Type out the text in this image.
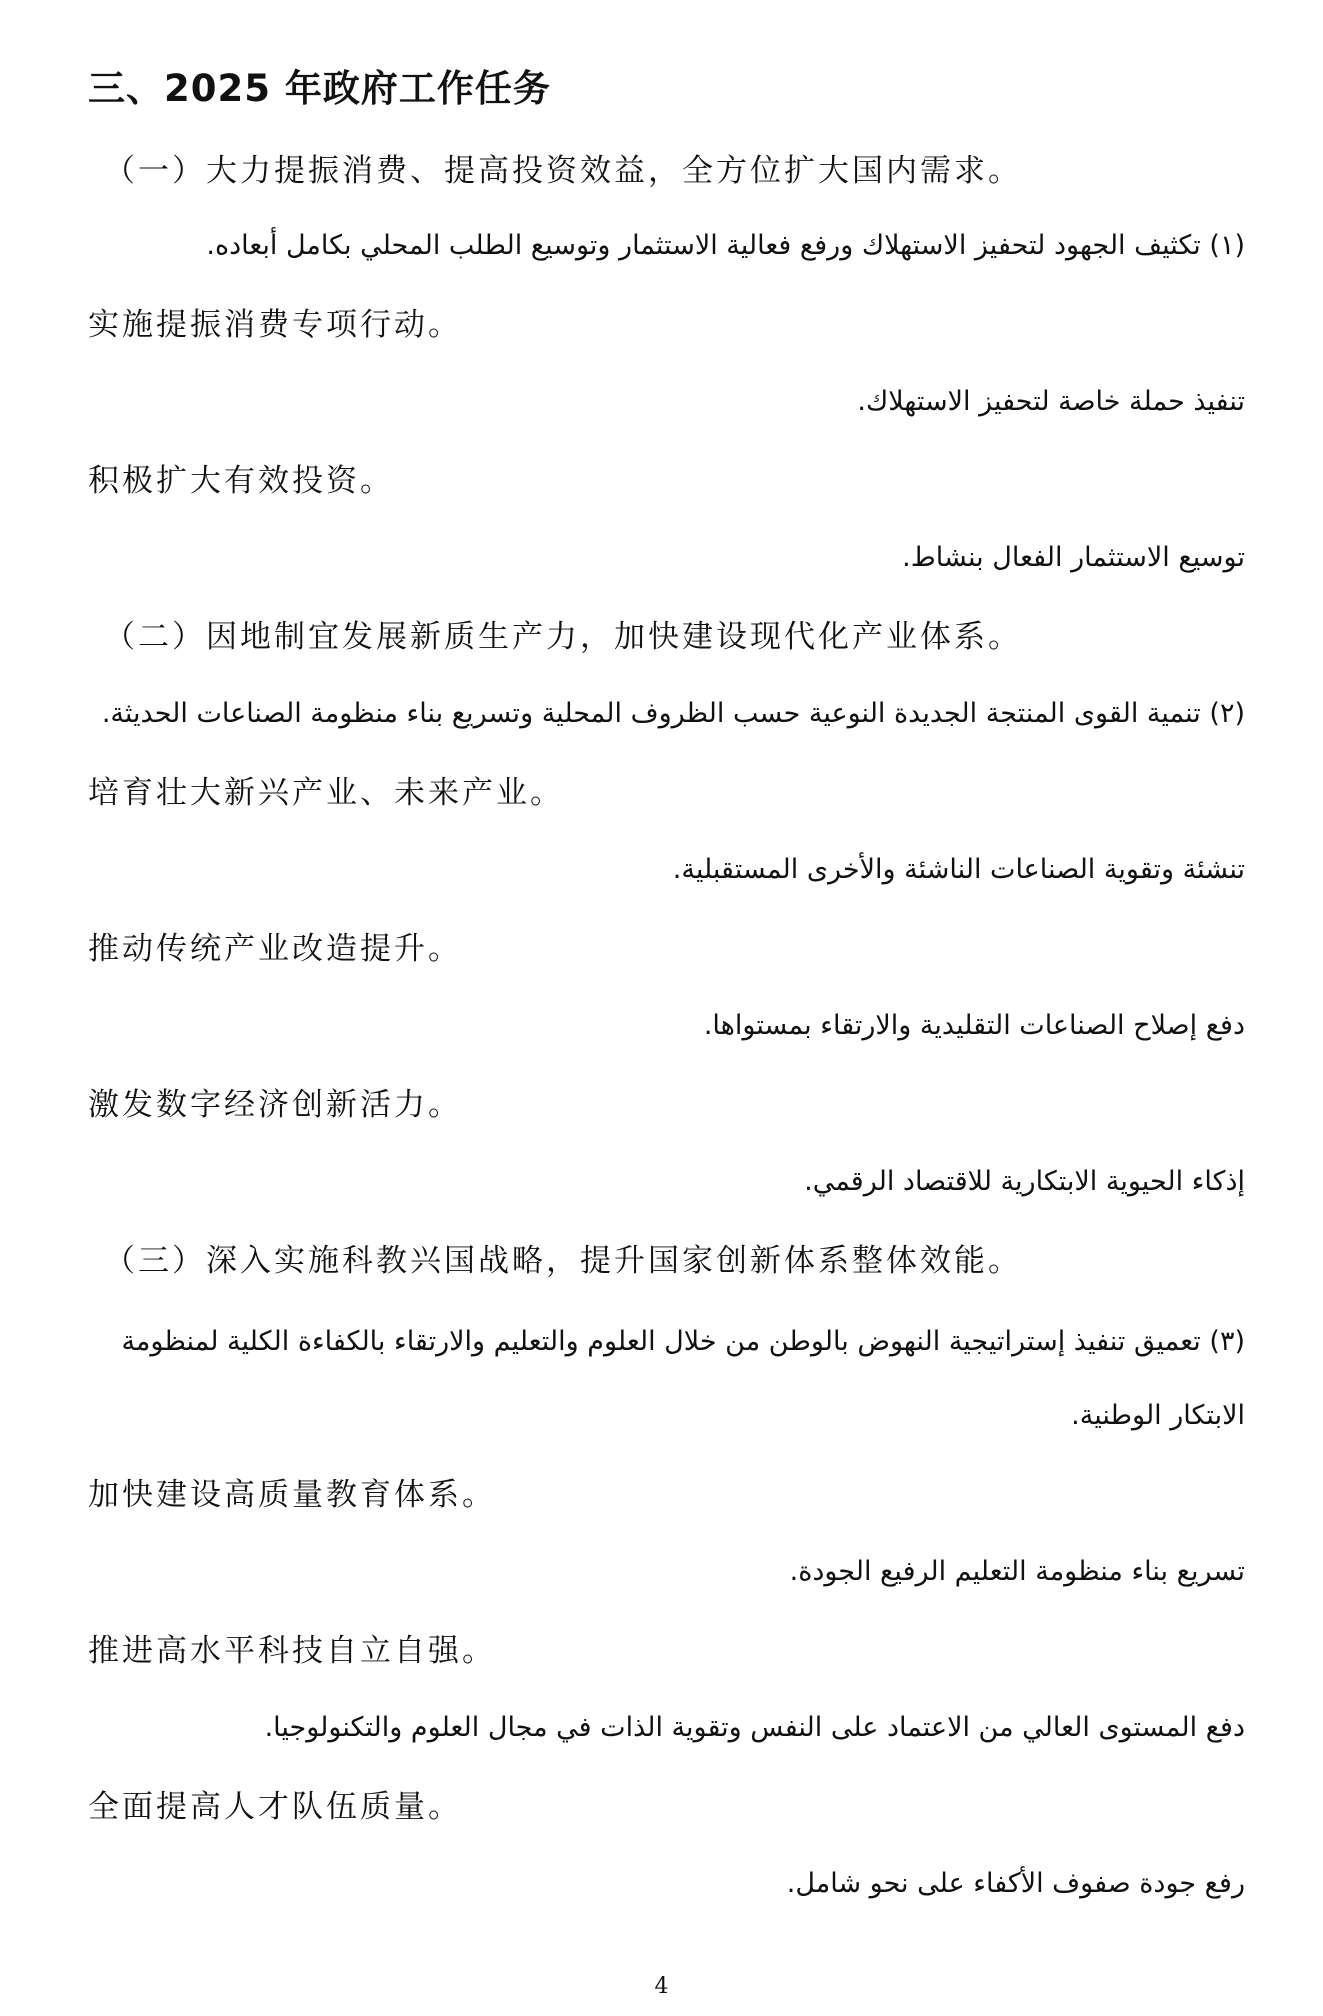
三、2025 年政府工作任务
（一）大力提振消费、提高投资效益，全方位扩大国内需求。
(١) تكثيف الجهود لتحفيز الاستهلاك ورفع فعالية الاستثمار وتوسيع الطلب المحلي بكامل أبعاده.
实施提振消费专项行动。
تنفيذ حملة خاصة لتحفيز الاستهلاك.
积极扩大有效投资。
توسيع الاستثمار الفعال بنشاط.
（二）因地制宜发展新质生产力，加快建设现代化产业体系。
(٢) تنمية القوى المنتجة الجديدة النوعية حسب الظروف المحلية وتسريع بناء منظومة الصناعات الحديثة.
培育壮大新兴产业、未来产业。
تنشئة وتقوية الصناعات الناشئة والأخرى المستقبلية.
推动传统产业改造提升。
دفع إصلاح الصناعات التقليدية والارتقاء بمستواها.
激发数字经济创新活力。
إذكاء الحيوية الابتكارية للاقتصاد الرقمي.
（三）深入实施科教兴国战略，提升国家创新体系整体效能。
(٣) تعميق تنفيذ إستراتيجية النهوض بالوطن من خلال العلوم والتعليم والارتقاء بالكفاءة الكلية لمنظومة الابتكار الوطنية.
加快建设高质量教育体系。
تسريع بناء منظومة التعليم الرفيع الجودة.
推进高水平科技自立自强。
دفع المستوى العالي من الاعتماد على النفس وتقوية الذات في مجال العلوم والتكنولوجيا.
全面提高人才队伍质量。
رفع جودة صفوف الأكفاء على نحو شامل.
4
